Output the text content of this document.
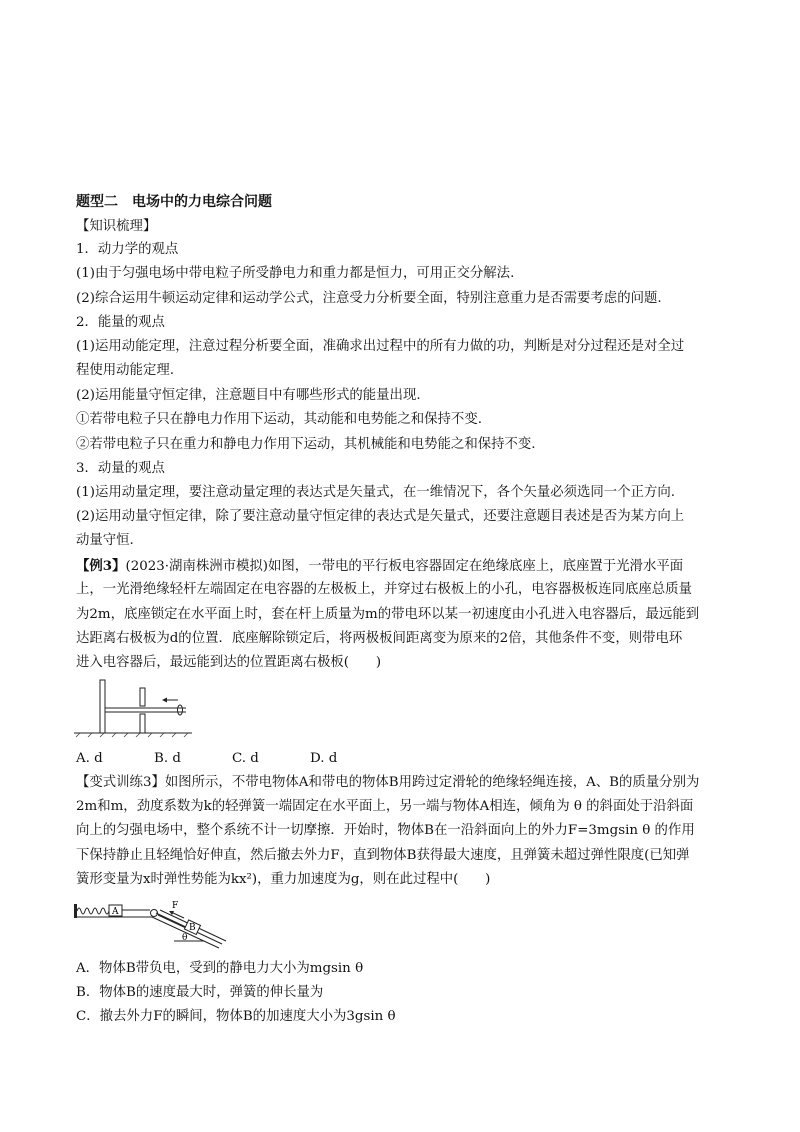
题型二　电场中的力电综合问题
【知识梳理】
1．动力学的观点
(1)由于匀强电场中带电粒子所受静电力和重力都是恒力，可用正交分解法.
(2)综合运用牛顿运动定律和运动学公式，注意受力分析要全面，特别注意重力是否需要考虑的问题.
2．能量的观点
(1)运用动能定理，注意过程分析要全面，准确求出过程中的所有力做的功，判断是对分过程还是对全过
程使用动能定理.
(2)运用能量守恒定律，注意题目中有哪些形式的能量出现.
①若带电粒子只在静电力作用下运动，其动能和电势能之和保持不变.
②若带电粒子只在重力和静电力作用下运动，其机械能和电势能之和保持不变.
3．动量的观点
(1)运用动量定理，要注意动量定理的表达式是矢量式，在一维情况下，各个矢量必须选同一个正方向.
(2)运用动量守恒定律，除了要注意动量守恒定律的表达式是矢量式，还要注意题目表述是否为某方向上
动量守恒.
【例3】(2023·湖南株洲市模拟)如图，一带电的平行板电容器固定在绝缘底座上，底座置于光滑水平面
上，一光滑绝缘轻杆左端固定在电容器的左极板上，并穿过右极板上的小孔，电容器极板连同底座总质量
为2m，底座锁定在水平面上时，套在杆上质量为m的带电环以某一初速度由小孔进入电容器后，最远能到
达距离右极板为d的位置．底座解除锁定后，将两极板间距离变为原来的2倍，其他条件不变，则带电环
进入电容器后，最远能到达的位置距离右极板(　　)
A. d	B. d	C. d	D. d
【变式训练3】如图所示，不带电物体A和带电的物体B用跨过定滑轮的绝缘轻绳连接，A、B的质量分别为
2m和m，劲度系数为k的轻弹簧一端固定在水平面上，另一端与物体A相连，倾角为 θ 的斜面处于沿斜面
向上的匀强电场中，整个系统不计一切摩擦．开始时，物体B在一沿斜面向上的外力F=3mgsin θ 的作用
下保持静止且轻绳恰好伸直，然后撤去外力F，直到物体B获得最大速度，且弹簧未超过弹性限度(已知弹
簧形变量为x时弹性势能为kx²)，重力加速度为g，则在此过程中(　　)
A
B
F
θ
A．物体B带负电，受到的静电力大小为mgsin θ
B．物体B的速度最大时，弹簧的伸长量为
C．撤去外力F的瞬间，物体B的加速度大小为3gsin θ
